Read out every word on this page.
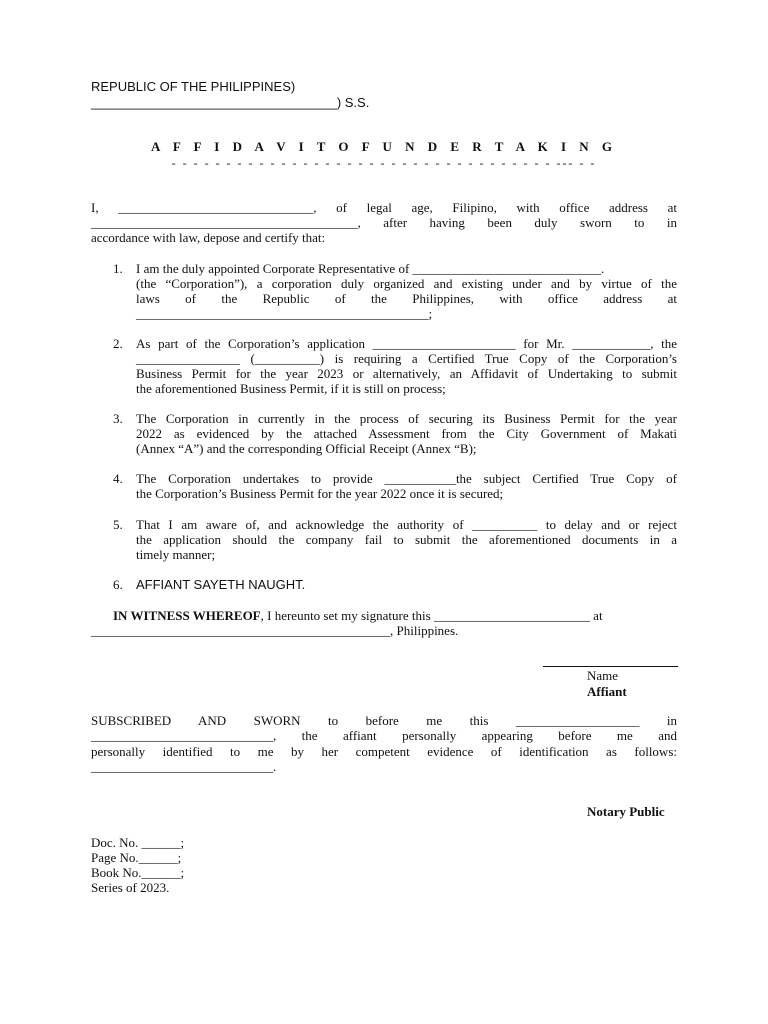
REPUBLIC OF THE PHILIPPINES)
__________________________________) S.S.
A F F I D A V I T O F U N D E R T A K I N G
- - - - - - - - - - - - - - - - - - - - - - - - - - - - - - - - - - - --- - -
I, ______________________________, of legal age, Filipino, with office address at
_________________________________________, after having been duly sworn to in
accordance with law, depose and certify that:
1. I am the duly appointed Corporate Representative of _____________________________.
(the “Corporation”), a corporation duly organized and existing under and by virtue of the
laws of the Republic of the Philippines, with office address at
_____________________________________________;
2. As part of the Corporation’s application ______________________ for Mr. ____________, the
________________ (__________) is requiring a Certified True Copy of the Corporation’s
Business Permit for the year 2023 or alternatively, an Affidavit of Undertaking to submit
the aforementioned Business Permit, if it is still on process;
3. The Corporation in currently in the process of securing its Business Permit for the year
2022 as evidenced by the attached Assessment from the City Government of Makati
(Annex “A”) and the corresponding Official Receipt (Annex “B);
4. The Corporation undertakes to provide ___________the subject Certified True Copy of
the Corporation’s Business Permit for the year 2022 once it is secured;
5. That I am aware of, and acknowledge the authority of __________ to delay and or reject
the application should the company fail to submit the aforementioned documents in a
timely manner;
6. AFFIANT SAYETH NAUGHT.
IN WITNESS WHEREOF, I hereunto set my signature this ________________________ at
______________________________________________, Philippines.
Name
Affiant
SUBSCRIBED AND SWORN to before me this ___________________ in
____________________________, the affiant personally appearing before me and
personally identified to me by her competent evidence of identification as follows:
____________________________.
Notary Public
Doc. No. ______;
Page No.______;
Book No.______;
Series of 2023.
